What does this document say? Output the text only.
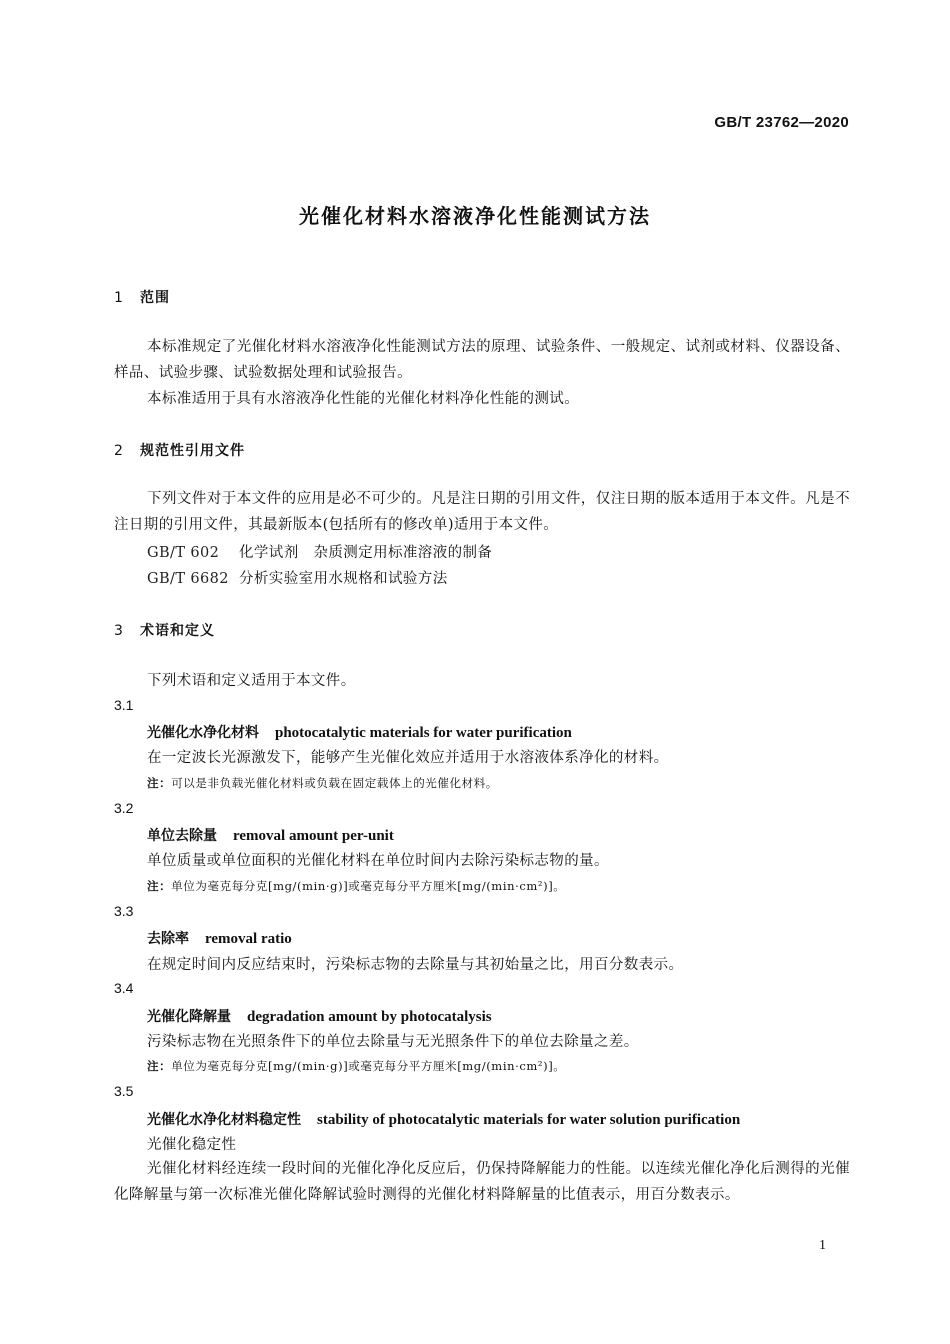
GB/T 23762—2020
光催化材料水溶液净化性能测试方法
1 范围
本标准规定了光催化材料水溶液净化性能测试方法的原理、试验条件、一般规定、试剂或材料、仪器设备、样品、试验步骤、试验数据处理和试验报告。
本标准适用于具有水溶液净化性能的光催化材料净化性能的测试。
2 规范性引用文件
下列文件对于本文件的应用是必不可少的。凡是注日期的引用文件，仅注日期的版本适用于本文件。凡是不注日期的引用文件，其最新版本(包括所有的修改单)适用于本文件。
GB/T 602 化学试剂　杂质测定用标准溶液的制备
GB/T 6682 分析实验室用水规格和试验方法
3 术语和定义
下列术语和定义适用于本文件。
3.1
光催化水净化材料 photocatalytic materials for water purification
在一定波长光源激发下，能够产生光催化效应并适用于水溶液体系净化的材料。
注：可以是非负载光催化材料或负载在固定载体上的光催化材料。
3.2
单位去除量 removal amount per-unit
单位质量或单位面积的光催化材料在单位时间内去除污染标志物的量。
注：单位为毫克每分克[mg/(min·g)]或毫克每分平方厘米[mg/(min·cm²)]。
3.3
去除率 removal ratio
在规定时间内反应结束时，污染标志物的去除量与其初始量之比，用百分数表示。
3.4
光催化降解量 degradation amount by photocatalysis
污染标志物在光照条件下的单位去除量与无光照条件下的单位去除量之差。
注：单位为毫克每分克[mg/(min·g)]或毫克每分平方厘米[mg/(min·cm²)]。
3.5
光催化水净化材料稳定性 stability of photocatalytic materials for water solution purification
光催化稳定性
光催化材料经连续一段时间的光催化净化反应后，仍保持降解能力的性能。以连续光催化净化后测得的光催化降解量与第一次标准光催化降解试验时测得的光催化材料降解量的比值表示，用百分数表示。
1
